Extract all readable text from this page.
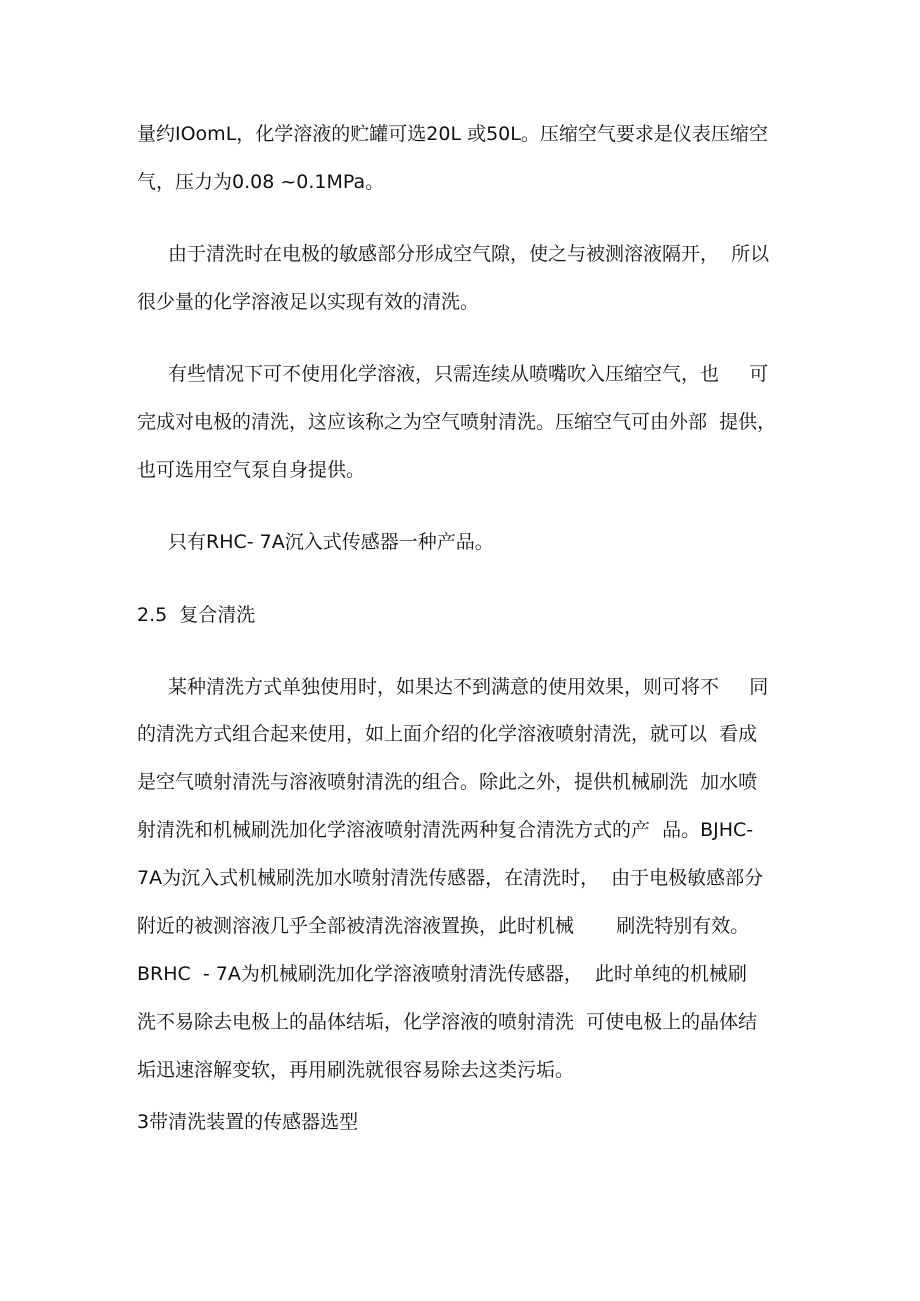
量约IOomL，化学溶液的贮罐可选20L 或50L。压缩空气要求是仪表压缩空

气，压力为0.08 ~0.1MPa。

由于清洗时在电极的敏感部分形成空气隙，使之与被测溶液隔开，  所以

很少量的化学溶液足以实现有效的清洗。

有些情况下可不使用化学溶液，只需连续从喷嘴吹入压缩空气，也     可

完成对电极的清洗，这应该称之为空气喷射清洗。压缩空气可由外部  提供，

也可选用空气泵自身提供。

只有RHC- 7A沉入式传感器一种产品。

2.5  复合清洗

某种清洗方式单独使用时，如果达不到满意的使用效果，则可将不     同

的清洗方式组合起来使用，如上面介绍的化学溶液喷射清洗，就可以  看成

是空气喷射清洗与溶液喷射清洗的组合。除此之外，提供机械刷洗  加水喷

射清洗和机械刷洗加化学溶液喷射清洗两种复合清洗方式的产  品。BJHC-

7A为沉入式机械刷洗加水喷射清洗传感器，在清洗时，  由于电极敏感部分

附近的被测溶液几乎全部被清洗溶液置换，此时机械       刷洗特别有效。

BRHC  - 7A为机械刷洗加化学溶液喷射清洗传感器，  此时单纯的机械刷

洗不易除去电极上的晶体结垢，化学溶液的喷射清洗  可使电极上的晶体结

垢迅速溶解变软，再用刷洗就很容易除去这类污垢。

3带清洗装置的传感器选型
